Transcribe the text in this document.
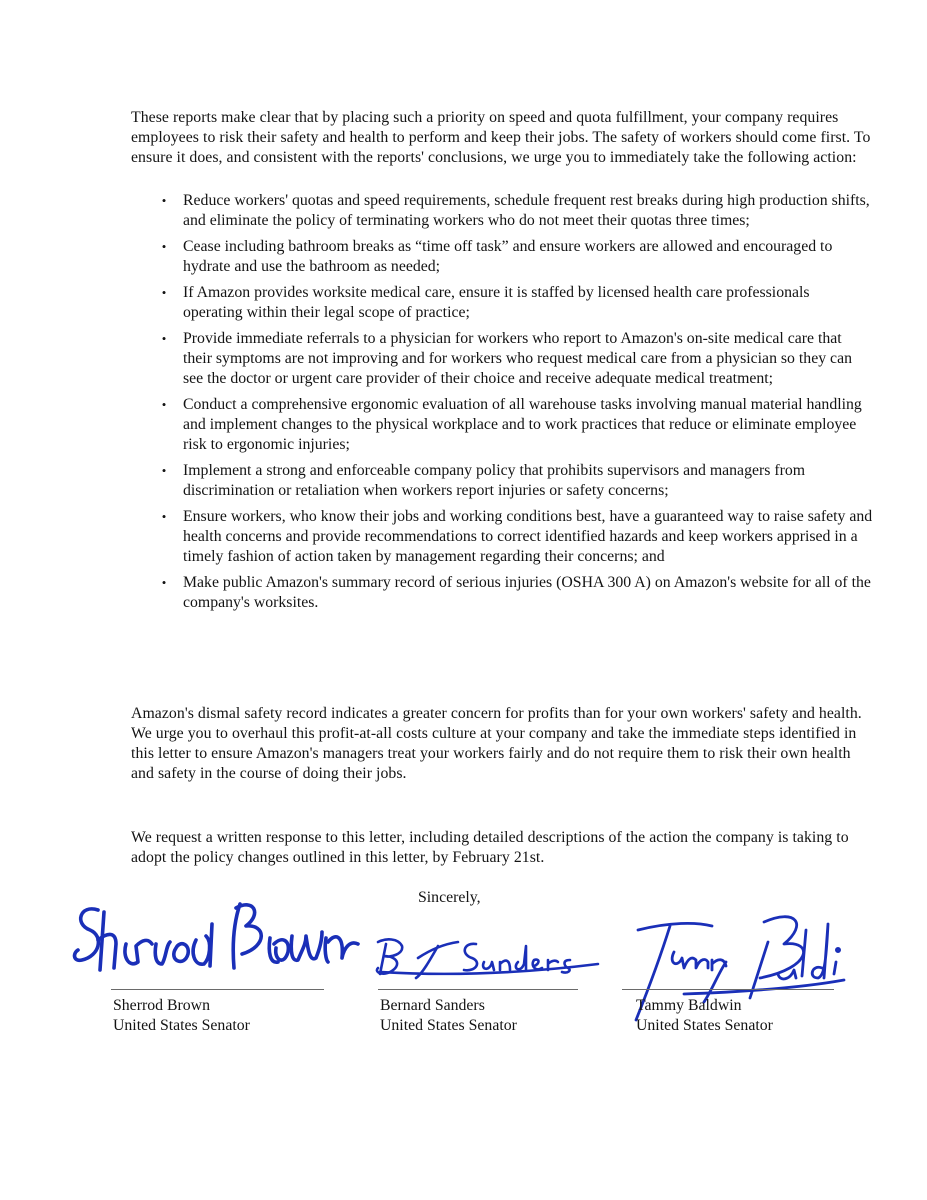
These reports make clear that by placing such a priority on speed and quota fulfillment, your company requires employees to risk their safety and health to perform and keep their jobs. The safety of workers should come first. To ensure it does, and consistent with the reports' conclusions, we urge you to immediately take the following action:

• Reduce workers' quotas and speed requirements, schedule frequent rest breaks during high production shifts, and eliminate the policy of terminating workers who do not meet their quotas three times;
• Cease including bathroom breaks as “time off task” and ensure workers are allowed and encouraged to hydrate and use the bathroom as needed;
• If Amazon provides worksite medical care, ensure it is staffed by licensed health care professionals operating within their legal scope of practice;
• Provide immediate referrals to a physician for workers who report to Amazon's on-site medical care that their symptoms are not improving and for workers who request medical care from a physician so they can see the doctor or urgent care provider of their choice and receive adequate medical treatment;
• Conduct a comprehensive ergonomic evaluation of all warehouse tasks involving manual material handling and implement changes to the physical workplace and to work practices that reduce or eliminate employee risk to ergonomic injuries;
• Implement a strong and enforceable company policy that prohibits supervisors and managers from discrimination or retaliation when workers report injuries or safety concerns;
• Ensure workers, who know their jobs and working conditions best, have a guaranteed way to raise safety and health concerns and provide recommendations to correct identified hazards and keep workers apprised in a timely fashion of action taken by management regarding their concerns; and
• Make public Amazon's summary record of serious injuries (OSHA 300 A) on Amazon's website for all of the company's worksites.

Amazon's dismal safety record indicates a greater concern for profits than for your own workers' safety and health. We urge you to overhaul this profit-at-all costs culture at your company and take the immediate steps identified in this letter to ensure Amazon's managers treat your workers fairly and do not require them to risk their own health and safety in the course of doing their jobs.

We request a written response to this letter, including detailed descriptions of the action the company is taking to adopt the policy changes outlined in this letter, by February 21st.

Sincerely,
Sherrod Brown
United States Senator
Bernard Sanders
United States Senator
Tammy Baldwin
United States Senator
